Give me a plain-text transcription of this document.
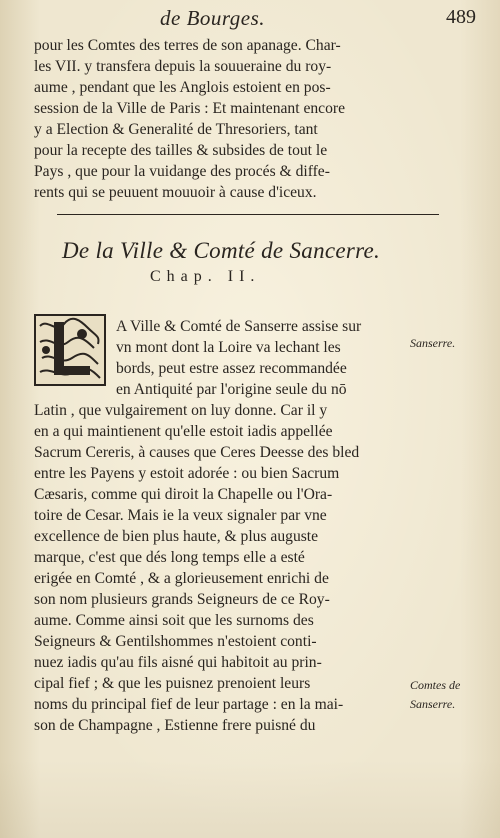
de Bourges.	489
pour les Comtes des terres de son apanage. Char-
les VII. y transfera depuis la souueraine du roy-
aume , pendant que les Anglois estoient en pos-
session de la Ville de Paris : Et maintenant encore
y a Election & Generalité de Thresoriers, tant
pour la recepte des tailles & subsides de tout le
Pays , que pour la vuidange des procés & diffe-
rents qui se peuuent mouuoir à cause d'iceux.
De la Ville & Comté de Sancerre.
Chap. II.
A Ville & Comté de Sanserre assise sur
vn mont dont la Loire va lechant les
bords, peut estre assez recommandée
en Antiquité par l'origine seule du nō
Latin , que vulgairement on luy donne. Car il y
en a qui maintienent qu'elle estoit iadis appellée
Sacrum Cereris, à causes que Ceres Deesse des bled
entre les Payens y estoit adorée : ou bien Sacrum
Cæsaris, comme qui diroit la Chapelle ou l'Ora-
toire de Cesar. Mais ie la veux signaler par vne
excellence de bien plus haute, & plus auguste
marque, c'est que dés long temps elle a esté
erigée en Comté , & a glorieusement enrichi de
son nom plusieurs grands Seigneurs de ce Roy-
aume. Comme ainsi soit que les surnoms des
Seigneurs & Gentilshommes n'estoient conti-
nuez iadis qu'au fils aisné qui habitoit au prin-
cipal fief ; & que les puisnez prenoient leurs
noms du principal fief de leur partage : en la mai-
son de Champagne , Estienne frere puisné du
Sanserre.
Comtes de
Sanserre.
